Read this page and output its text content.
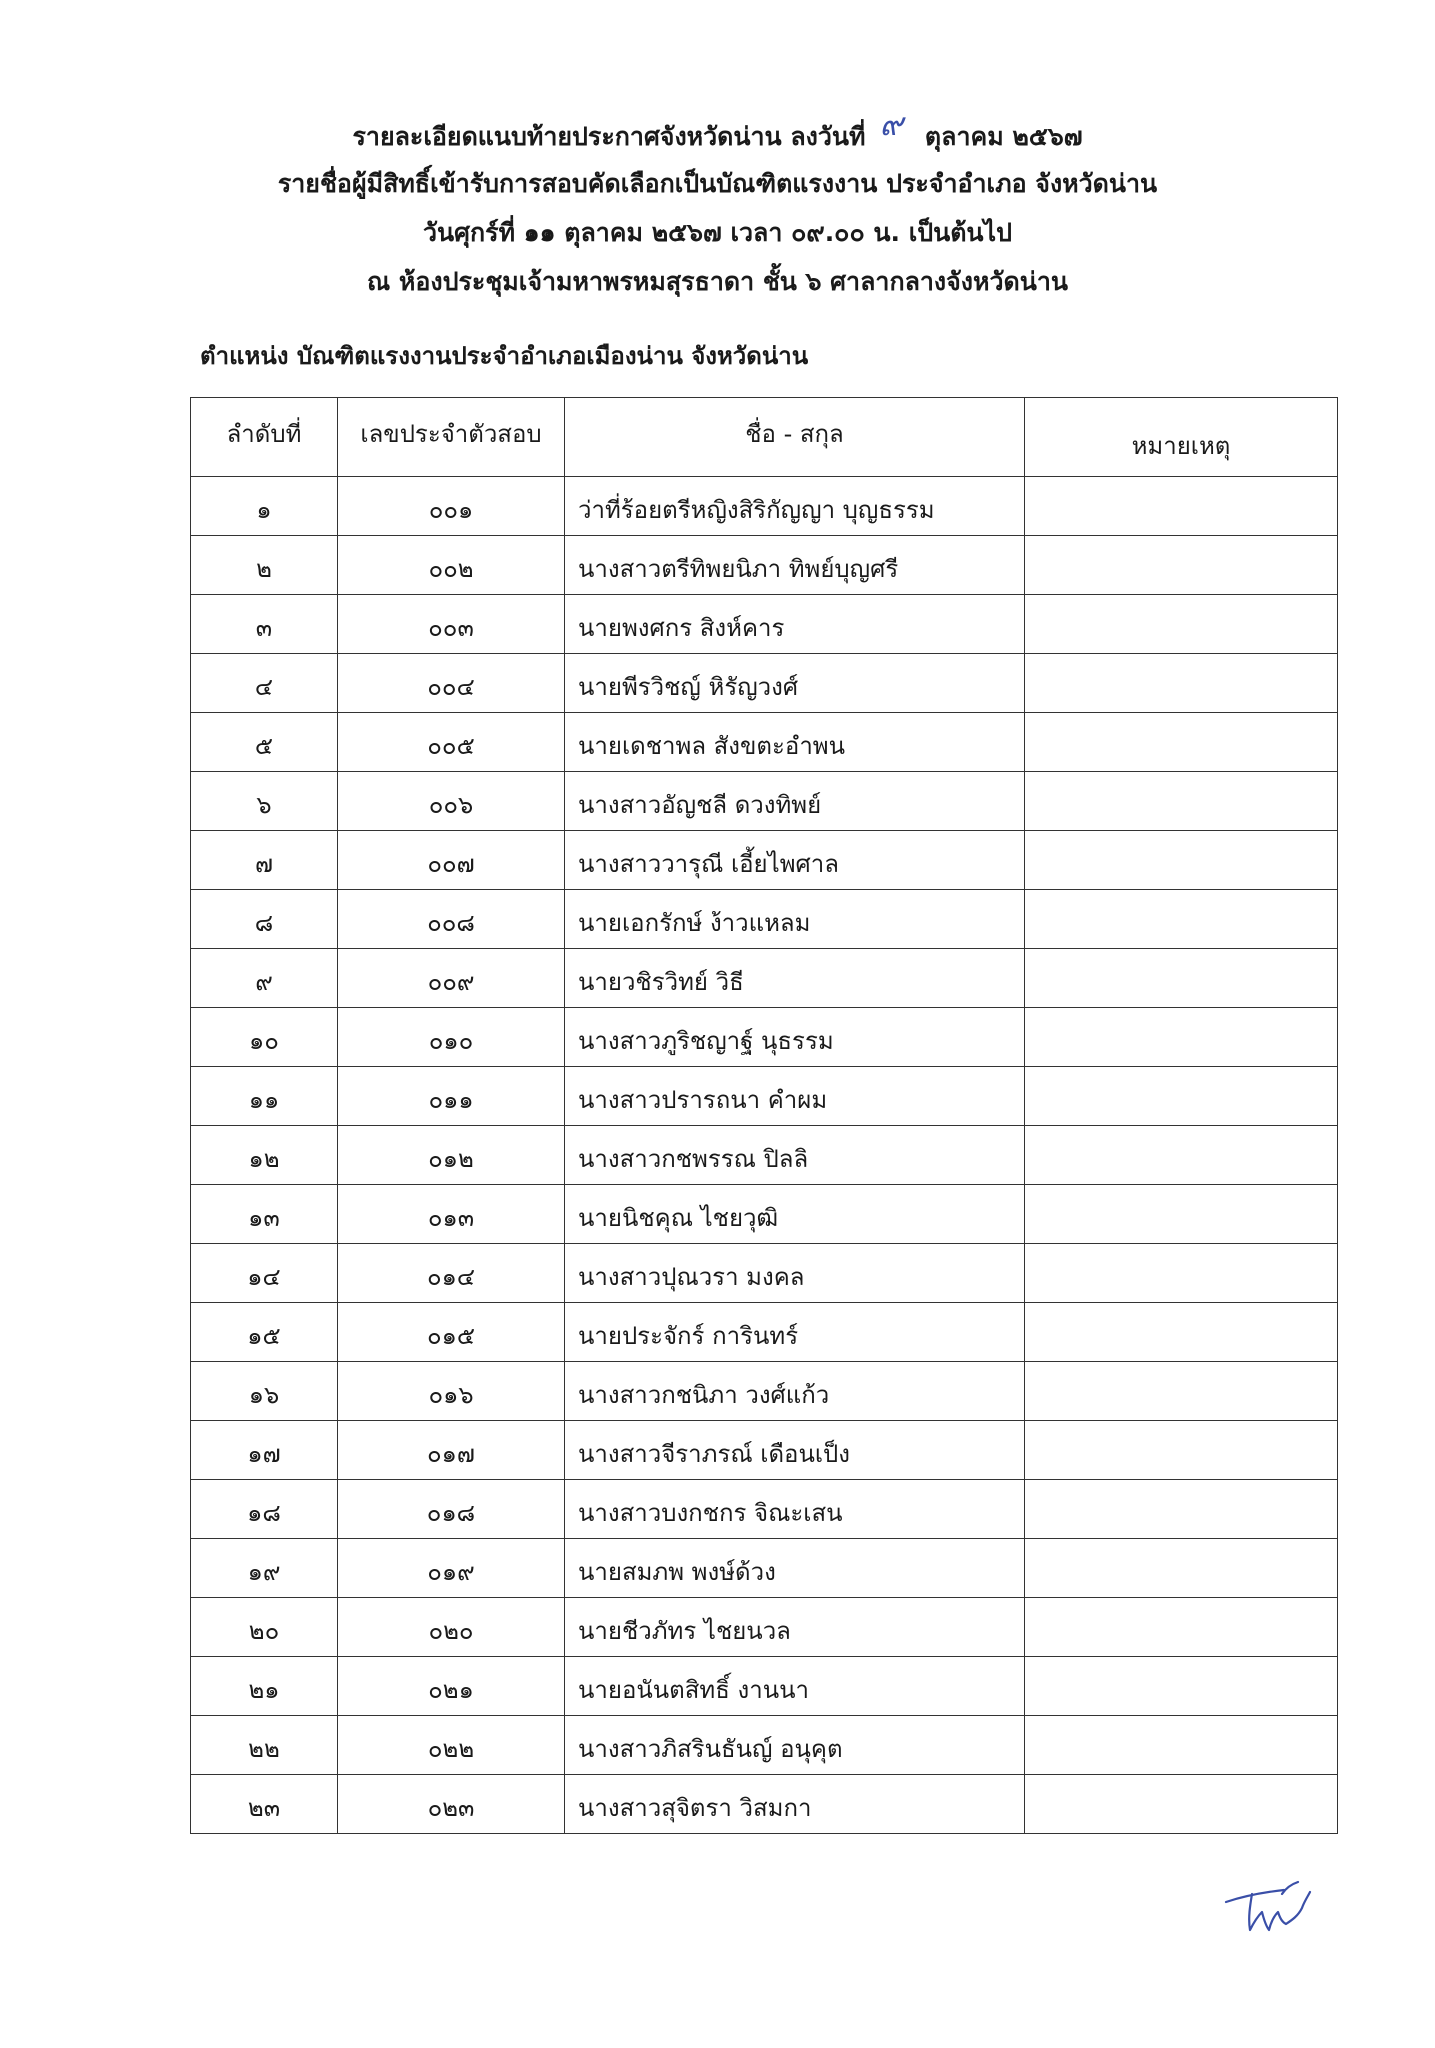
รายละเอียดแนบท้ายประกาศจังหวัดน่าน ลงวันที่ ๙ ตุลาคม ๒๕๖๗
รายชื่อผู้มีสิทธิ์เข้ารับการสอบคัดเลือกเป็นบัณฑิตแรงงาน ประจำอำเภอ จังหวัดน่าน
วันศุกร์ที่ ๑๑ ตุลาคม ๒๕๖๗ เวลา ๐๙.๐๐ น. เป็นต้นไป
ณ ห้องประชุมเจ้ามหาพรหมสุรธาดา ชั้น ๖ ศาลากลางจังหวัดน่าน
ตำแหน่ง บัณฑิตแรงงานประจำอำเภอเมืองน่าน จังหวัดน่าน
ลำดับที่	เลขประจำตัวสอบ	ชื่อ - สกุล	หมายเหตุ
๑	๐๐๑	ว่าที่ร้อยตรีหญิงสิริกัญญา บุญธรรม	
๒	๐๐๒	นางสาวตรีทิพยนิภา ทิพย์บุญศรี	
๓	๐๐๓	นายพงศกร สิงห์คาร	
๔	๐๐๔	นายพีรวิชญ์ หิรัญวงศ์	
๕	๐๐๕	นายเดชาพล สังขตะอำพน	
๖	๐๐๖	นางสาวอัญชลี ดวงทิพย์	
๗	๐๐๗	นางสาววารุณี เอี้ยไพศาล	
๘	๐๐๘	นายเอกรักษ์ ง้าวแหลม	
๙	๐๐๙	นายวชิรวิทย์ วิธี	
๑๐	๐๑๐	นางสาวภูริชญาฐ์ นุธรรม	
๑๑	๐๑๑	นางสาวปรารถนา คำผม	
๑๒	๐๑๒	นางสาวกชพรรณ ปิลลิ	
๑๓	๐๑๓	นายนิชคุณ ไชยวุฒิ	
๑๔	๐๑๔	นางสาวปุณวรา มงคล	
๑๕	๐๑๕	นายประจักร์ การินทร์	
๑๖	๐๑๖	นางสาวกชนิภา วงศ์แก้ว	
๑๗	๐๑๗	นางสาวจีราภรณ์ เดือนเป็ง	
๑๘	๐๑๘	นางสาวบงกชกร จิณะเสน	
๑๙	๐๑๙	นายสมภพ พงษ์ด้วง	
๒๐	๐๒๐	นายชีวภัทร ไชยนวล	
๒๑	๐๒๑	นายอนันตสิทธิ์ งานนา	
๒๒	๐๒๒	นางสาวภิสรินธันญ์ อนุคุต	
๒๓	๐๒๓	นางสาวสุจิตรา วิสมกา	
